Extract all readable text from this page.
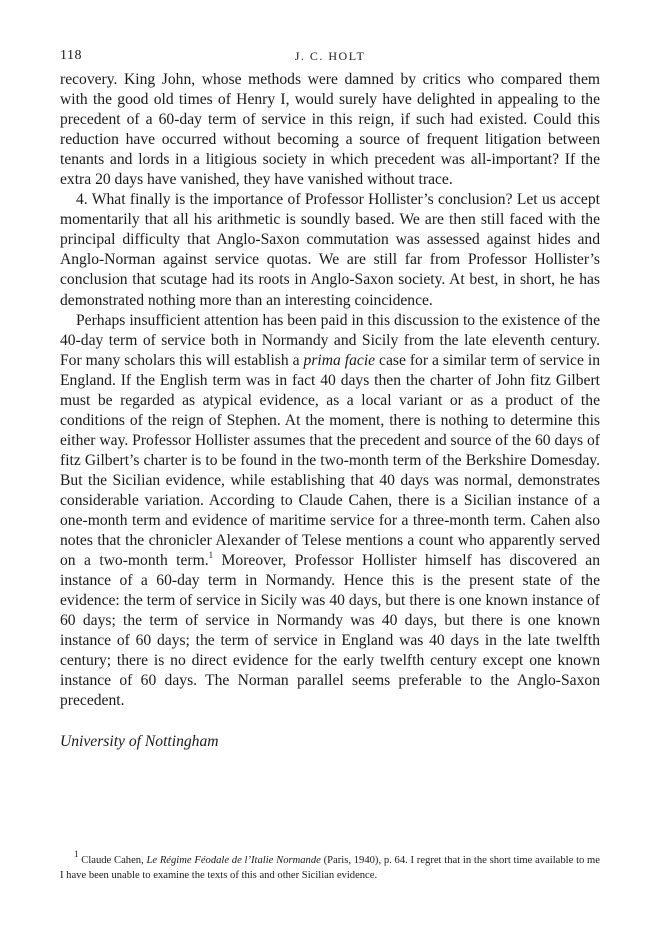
118	J. C. HOLT

recovery. King John, whose methods were damned by critics who compared them with the good old times of Henry I, would surely have delighted in appealing to the precedent of a 60-day term of service in this reign, if such had existed. Could this reduction have occurred without becoming a source of frequent litigation between tenants and lords in a litigious society in which precedent was all-important? If the extra 20 days have vanished, they have vanished without trace.

4. What finally is the importance of Professor Hollister’s conclusion? Let us accept momentarily that all his arithmetic is soundly based. We are then still faced with the principal difficulty that Anglo-Saxon commutation was assessed against hides and Anglo-Norman against service quotas. We are still far from Professor Hollister’s conclusion that scutage had its roots in Anglo-Saxon society. At best, in short, he has demonstrated nothing more than an interesting coincidence.

Perhaps insufficient attention has been paid in this discussion to the existence of the 40-day term of service both in Normandy and Sicily from the late eleventh century. For many scholars this will establish a prima facie case for a similar term of service in England. If the English term was in fact 40 days then the charter of John fitz Gilbert must be regarded as atypical evidence, as a local variant or as a product of the conditions of the reign of Stephen. At the moment, there is nothing to determine this either way. Professor Hollister assumes that the precedent and source of the 60 days of fitz Gilbert’s charter is to be found in the two-month term of the Berkshire Domesday. But the Sicilian evidence, while establishing that 40 days was normal, demonstrates considerable variation. According to Claude Cahen, there is a Sicilian instance of a one-month term and evidence of maritime service for a three-month term. Cahen also notes that the chronicler Alexander of Telese mentions a count who apparently served on a two-month term.$^1$ Moreover, Professor Hollister himself has discovered an instance of a 60-day term in Normandy. Hence this is the present state of the evidence: the term of service in Sicily was 40 days, but there is one known instance of 60 days; the term of service in Normandy was 40 days, but there is one known instance of 60 days; the term of service in England was 40 days in the late twelfth century; there is no direct evidence for the early twelfth century except one known instance of 60 days. The Norman parallel seems preferable to the Anglo-Saxon precedent.

University of Nottingham
$^1$ Claude Cahen, Le Régime Féodale de l’Italie Normande (Paris, 1940), p. 64. I regret that in the short time available to me I have been unable to examine the texts of this and other Sicilian evidence.
